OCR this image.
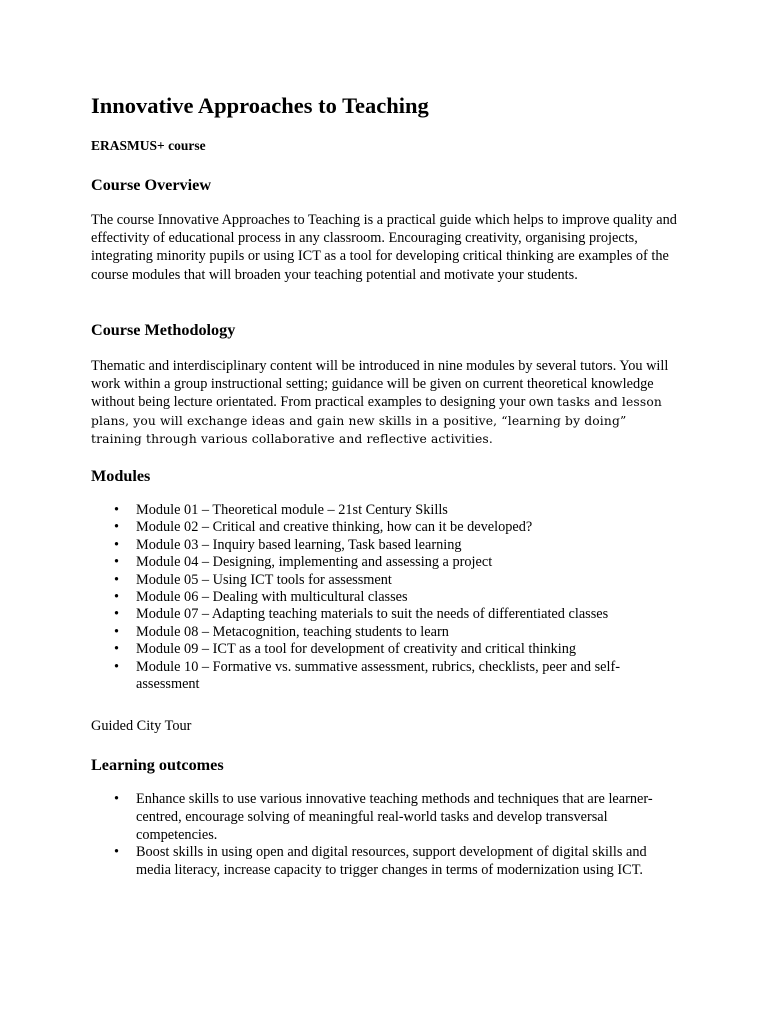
Innovative Approaches to Teaching

ERASMUS+ course

Course Overview

The course Innovative Approaches to Teaching is a practical guide which helps to improve quality and effectivity of educational process in any classroom. Encouraging creativity, organising projects, integrating minority pupils or using ICT as a tool for developing critical thinking are examples of the course modules that will broaden your teaching potential and motivate your students.

Course Methodology

Thematic and interdisciplinary content will be introduced in nine modules by several tutors. You will work within a group instructional setting; guidance will be given on current theoretical knowledge without being lecture orientated. From practical examples to designing your own tasks and lesson plans, you will exchange ideas and gain new skills in a positive, “learning by doing” training through various collaborative and reflective activities.

Modules
•	Module 01 – Theoretical module – 21st Century Skills
•	Module 02 – Critical and creative thinking, how can it be developed?
•	Module 03 – Inquiry based learning, Task based learning
•	Module 04 – Designing, implementing and assessing a project
•	Module 05 – Using ICT tools for assessment
•	Module 06 – Dealing with multicultural classes
•	Module 07 – Adapting teaching materials to suit the needs of differentiated classes
•	Module 08 – Metacognition, teaching students to learn
•	Module 09 – ICT as a tool for development of creativity and critical thinking
•	Module 10 – Formative vs. summative assessment, rubrics, checklists, peer and self-assessment

Guided City Tour

Learning outcomes
•	Enhance skills to use various innovative teaching methods and techniques that are learner-centred, encourage solving of meaningful real-world tasks and develop transversal competencies.
•	Boost skills in using open and digital resources, support development of digital skills and media literacy, increase capacity to trigger changes in terms of modernization using ICT.
